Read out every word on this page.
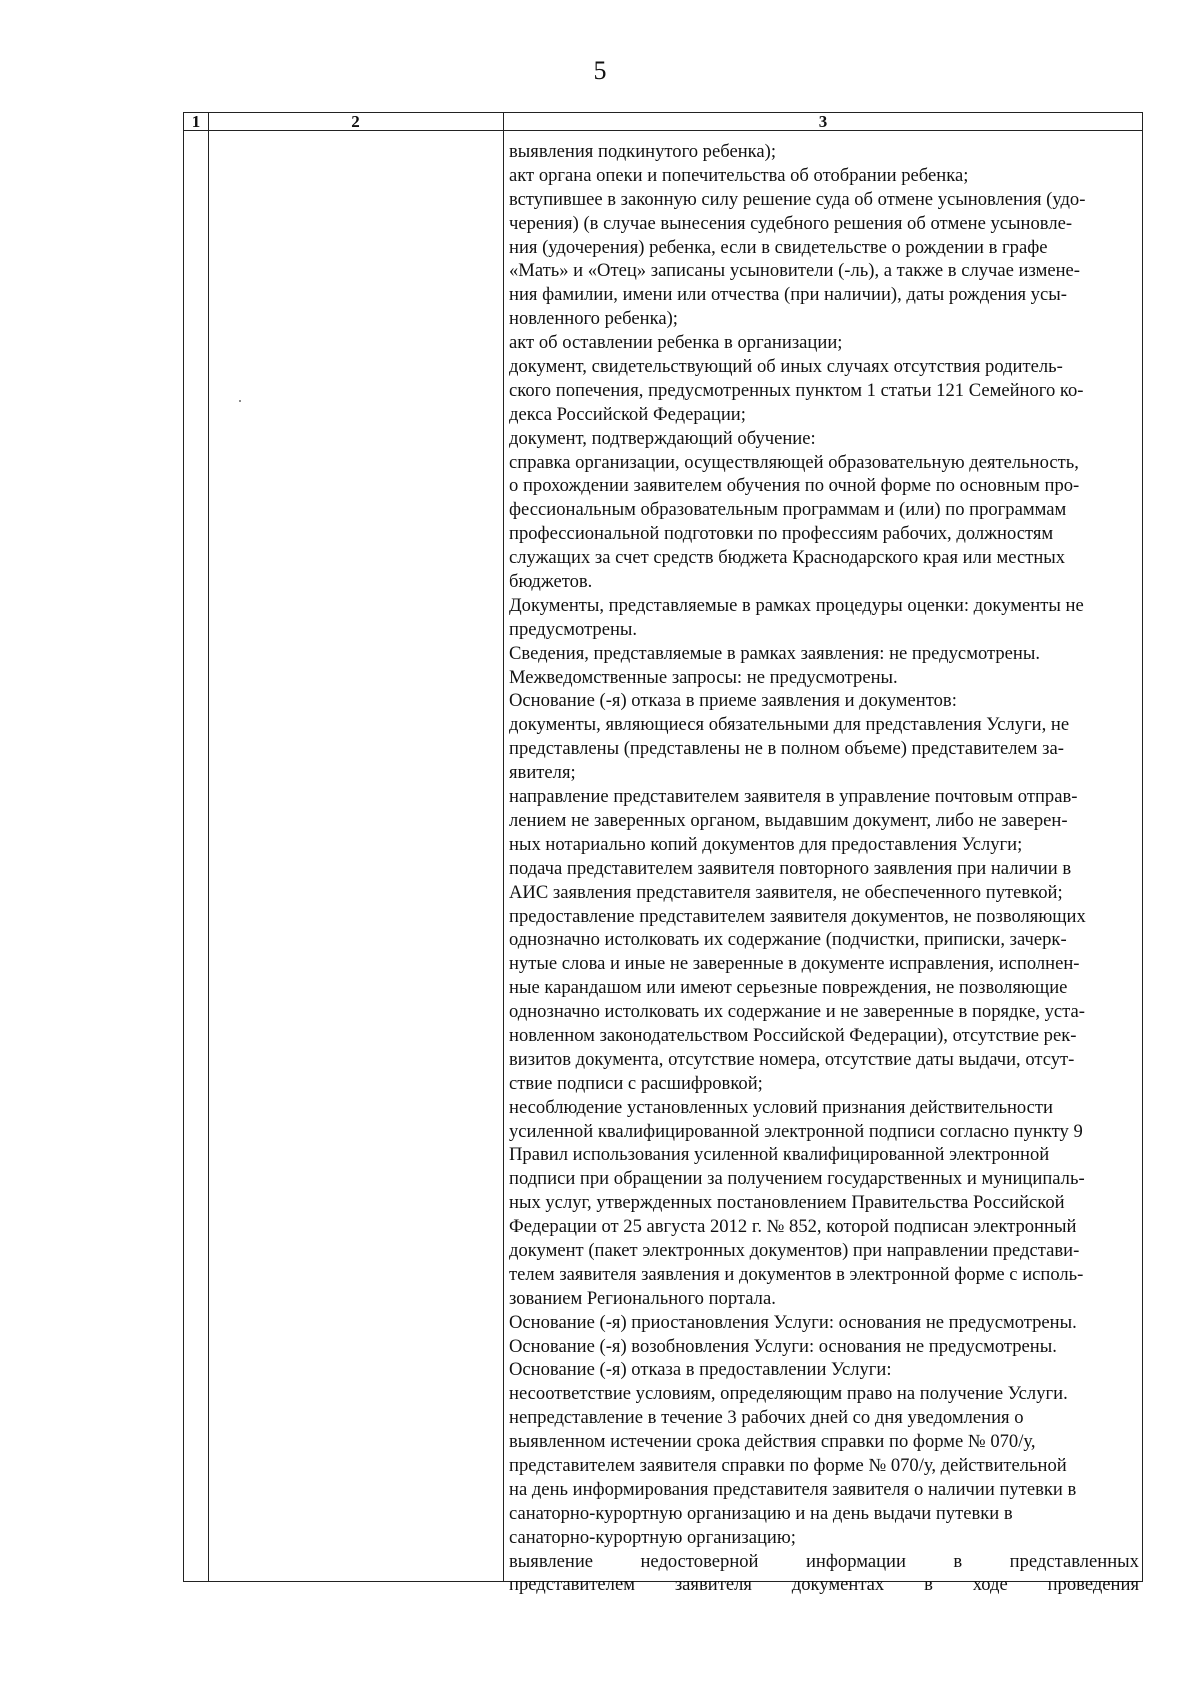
5
1	2	3
выявления подкинутого ребенка);
акт органа опеки и попечительства об отобрании ребенка;
вступившее в законную силу решение суда об отмене усыновления (удо-
черения) (в случае вынесения судебного решения об отмене усыновле-
ния (удочерения) ребенка, если в свидетельстве о рождении в графе
«Мать» и «Отец» записаны усыновители (-ль), а также в случае измене-
ния фамилии, имени или отчества (при наличии), даты рождения усы-
новленного ребенка);
акт об оставлении ребенка в организации;
документ, свидетельствующий об иных случаях отсутствия родитель-
ского попечения, предусмотренных пунктом 1 статьи 121 Семейного ко-
декса Российской Федерации;
документ, подтверждающий обучение:
справка организации, осуществляющей образовательную деятельность,
о прохождении заявителем обучения по очной форме по основным про-
фессиональным образовательным программам и (или) по программам
профессиональной подготовки по профессиям рабочих, должностям
служащих за счет средств бюджета Краснодарского края или местных
бюджетов.
Документы, представляемые в рамках процедуры оценки: документы не
предусмотрены.
Сведения, представляемые в рамках заявления: не предусмотрены.
Межведомственные запросы: не предусмотрены.
Основание (-я) отказа в приеме заявления и документов:
документы, являющиеся обязательными для представления Услуги, не
представлены (представлены не в полном объеме) представителем за-
явителя;
направление представителем заявителя в управление почтовым отправ-
лением не заверенных органом, выдавшим документ, либо не заверен-
ных нотариально копий документов для предоставления Услуги;
подача представителем заявителя повторного заявления при наличии в
АИС заявления представителя заявителя, не обеспеченного путевкой;
предоставление представителем заявителя документов, не позволяющих
однозначно истолковать их содержание (подчистки, приписки, зачерк-
нутые слова и иные не заверенные в документе исправления, исполнен-
ные карандашом или имеют серьезные повреждения, не позволяющие
однозначно истолковать их содержание и не заверенные в порядке, уста-
новленном законодательством Российской Федерации), отсутствие рек-
визитов документа, отсутствие номера, отсутствие даты выдачи, отсут-
ствие подписи с расшифровкой;
несоблюдение установленных условий признания действительности
усиленной квалифицированной электронной подписи согласно пункту 9
Правил использования усиленной квалифицированной электронной
подписи при обращении за получением государственных и муниципаль-
ных услуг, утвержденных постановлением Правительства Российской
Федерации от 25 августа 2012 г. № 852, которой подписан электронный
документ (пакет электронных документов) при направлении представи-
телем заявителя заявления и документов в электронной форме с исполь-
зованием Регионального портала.
Основание (-я) приостановления Услуги: основания не предусмотрены.
Основание (-я) возобновления Услуги: основания не предусмотрены.
Основание (-я) отказа в предоставлении Услуги:
несоответствие условиям, определяющим право на получение Услуги.
непредставление в течение 3 рабочих дней со дня уведомления о
выявленном истечении срока действия справки по форме № 070/у,
представителем заявителя справки по форме № 070/у, действительной
на день информирования представителя заявителя о наличии путевки в
санаторно-курортную организацию и на день выдачи путевки в
санаторно-курортную организацию;
выявление	недостоверной	информации	в	представленных
представителем заявителя документах в ходе проведения
